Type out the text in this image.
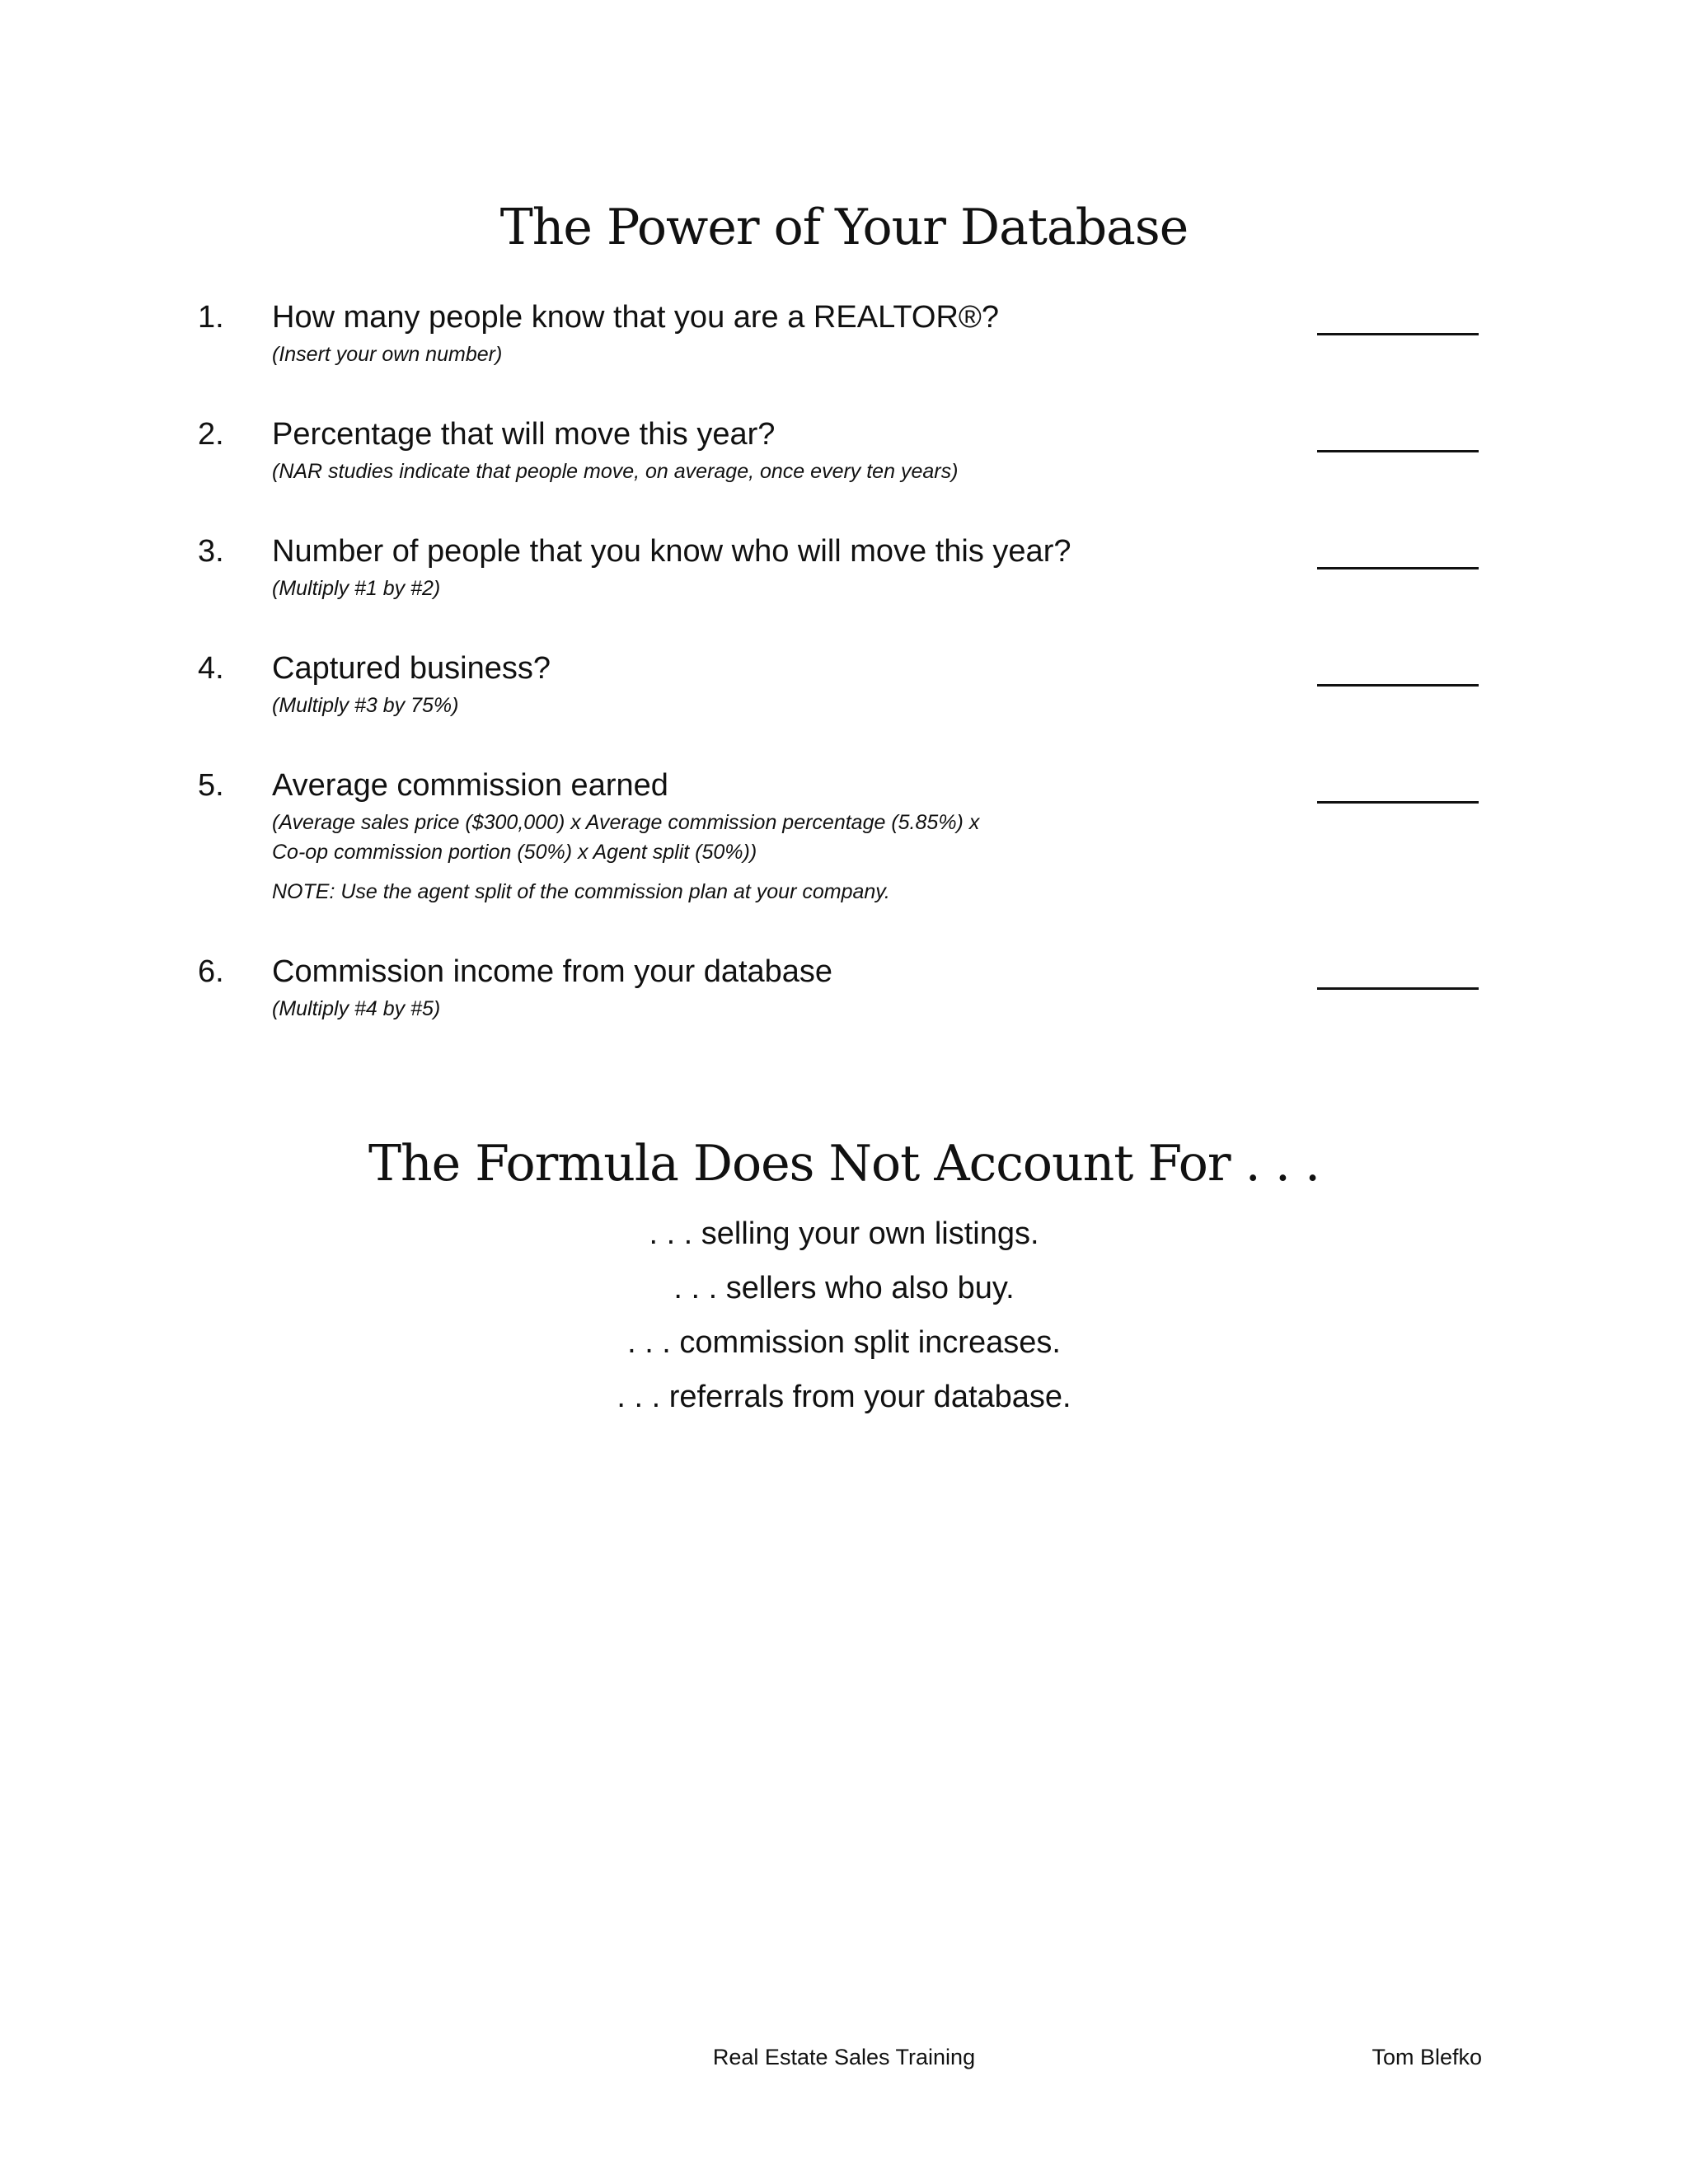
The Power of Your Database
1. How many people know that you are a REALTOR®?
(Insert your own number)
2. Percentage that will move this year?
(NAR studies indicate that people move, on average, once every ten years)
3. Number of people that you know who will move this year?
(Multiply #1 by #2)
4. Captured business?
(Multiply #3 by 75%)
5. Average commission earned
(Average sales price ($300,000) x Average commission percentage (5.85%) x
Co-op commission portion (50%) x Agent split (50%))
NOTE: Use the agent split of the commission plan at your company.
6. Commission income from your database
(Multiply #4 by #5)
The Formula Does Not Account For . . .
. . . selling your own listings.
. . . sellers who also buy.
. . . commission split increases.
. . . referrals from your database.
Real Estate Sales Training	Tom Blefko
